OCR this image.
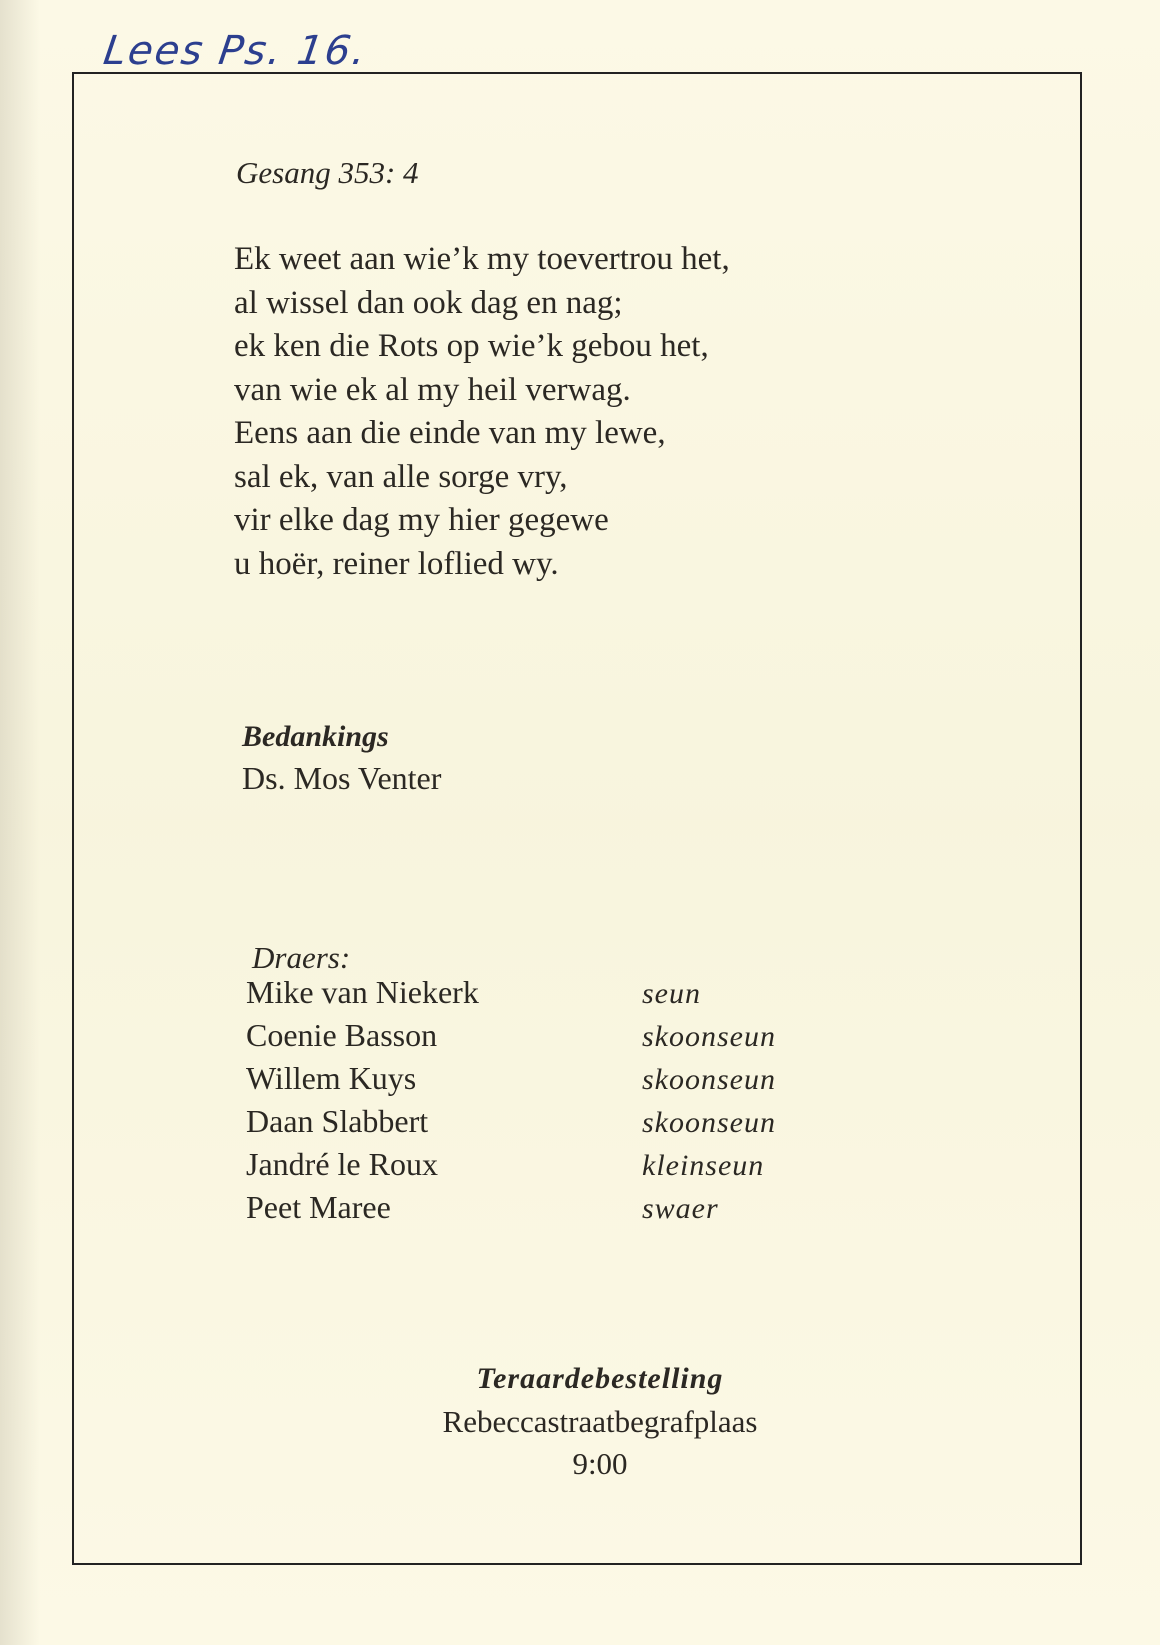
Lees Ps. 16.
Gesang 353: 4
Ek weet aan wie’k my toevertrou het,
al wissel dan ook dag en nag;
ek ken die Rots op wie’k gebou het,
van wie ek al my heil verwag.
Eens aan die einde van my lewe,
sal ek, van alle sorge vry,
vir elke dag my hier gegewe
u hoër, reiner loflied wy.
Bedankings
Ds. Mos Venter
Draers:
Mike van Niekerk	seun
Coenie Basson	skoonseun
Willem Kuys	skoonseun
Daan Slabbert	skoonseun
Jandré le Roux	kleinseun
Peet Maree	swaer
Teraardebestelling
Rebeccastraatbegrafplaas
9:00
